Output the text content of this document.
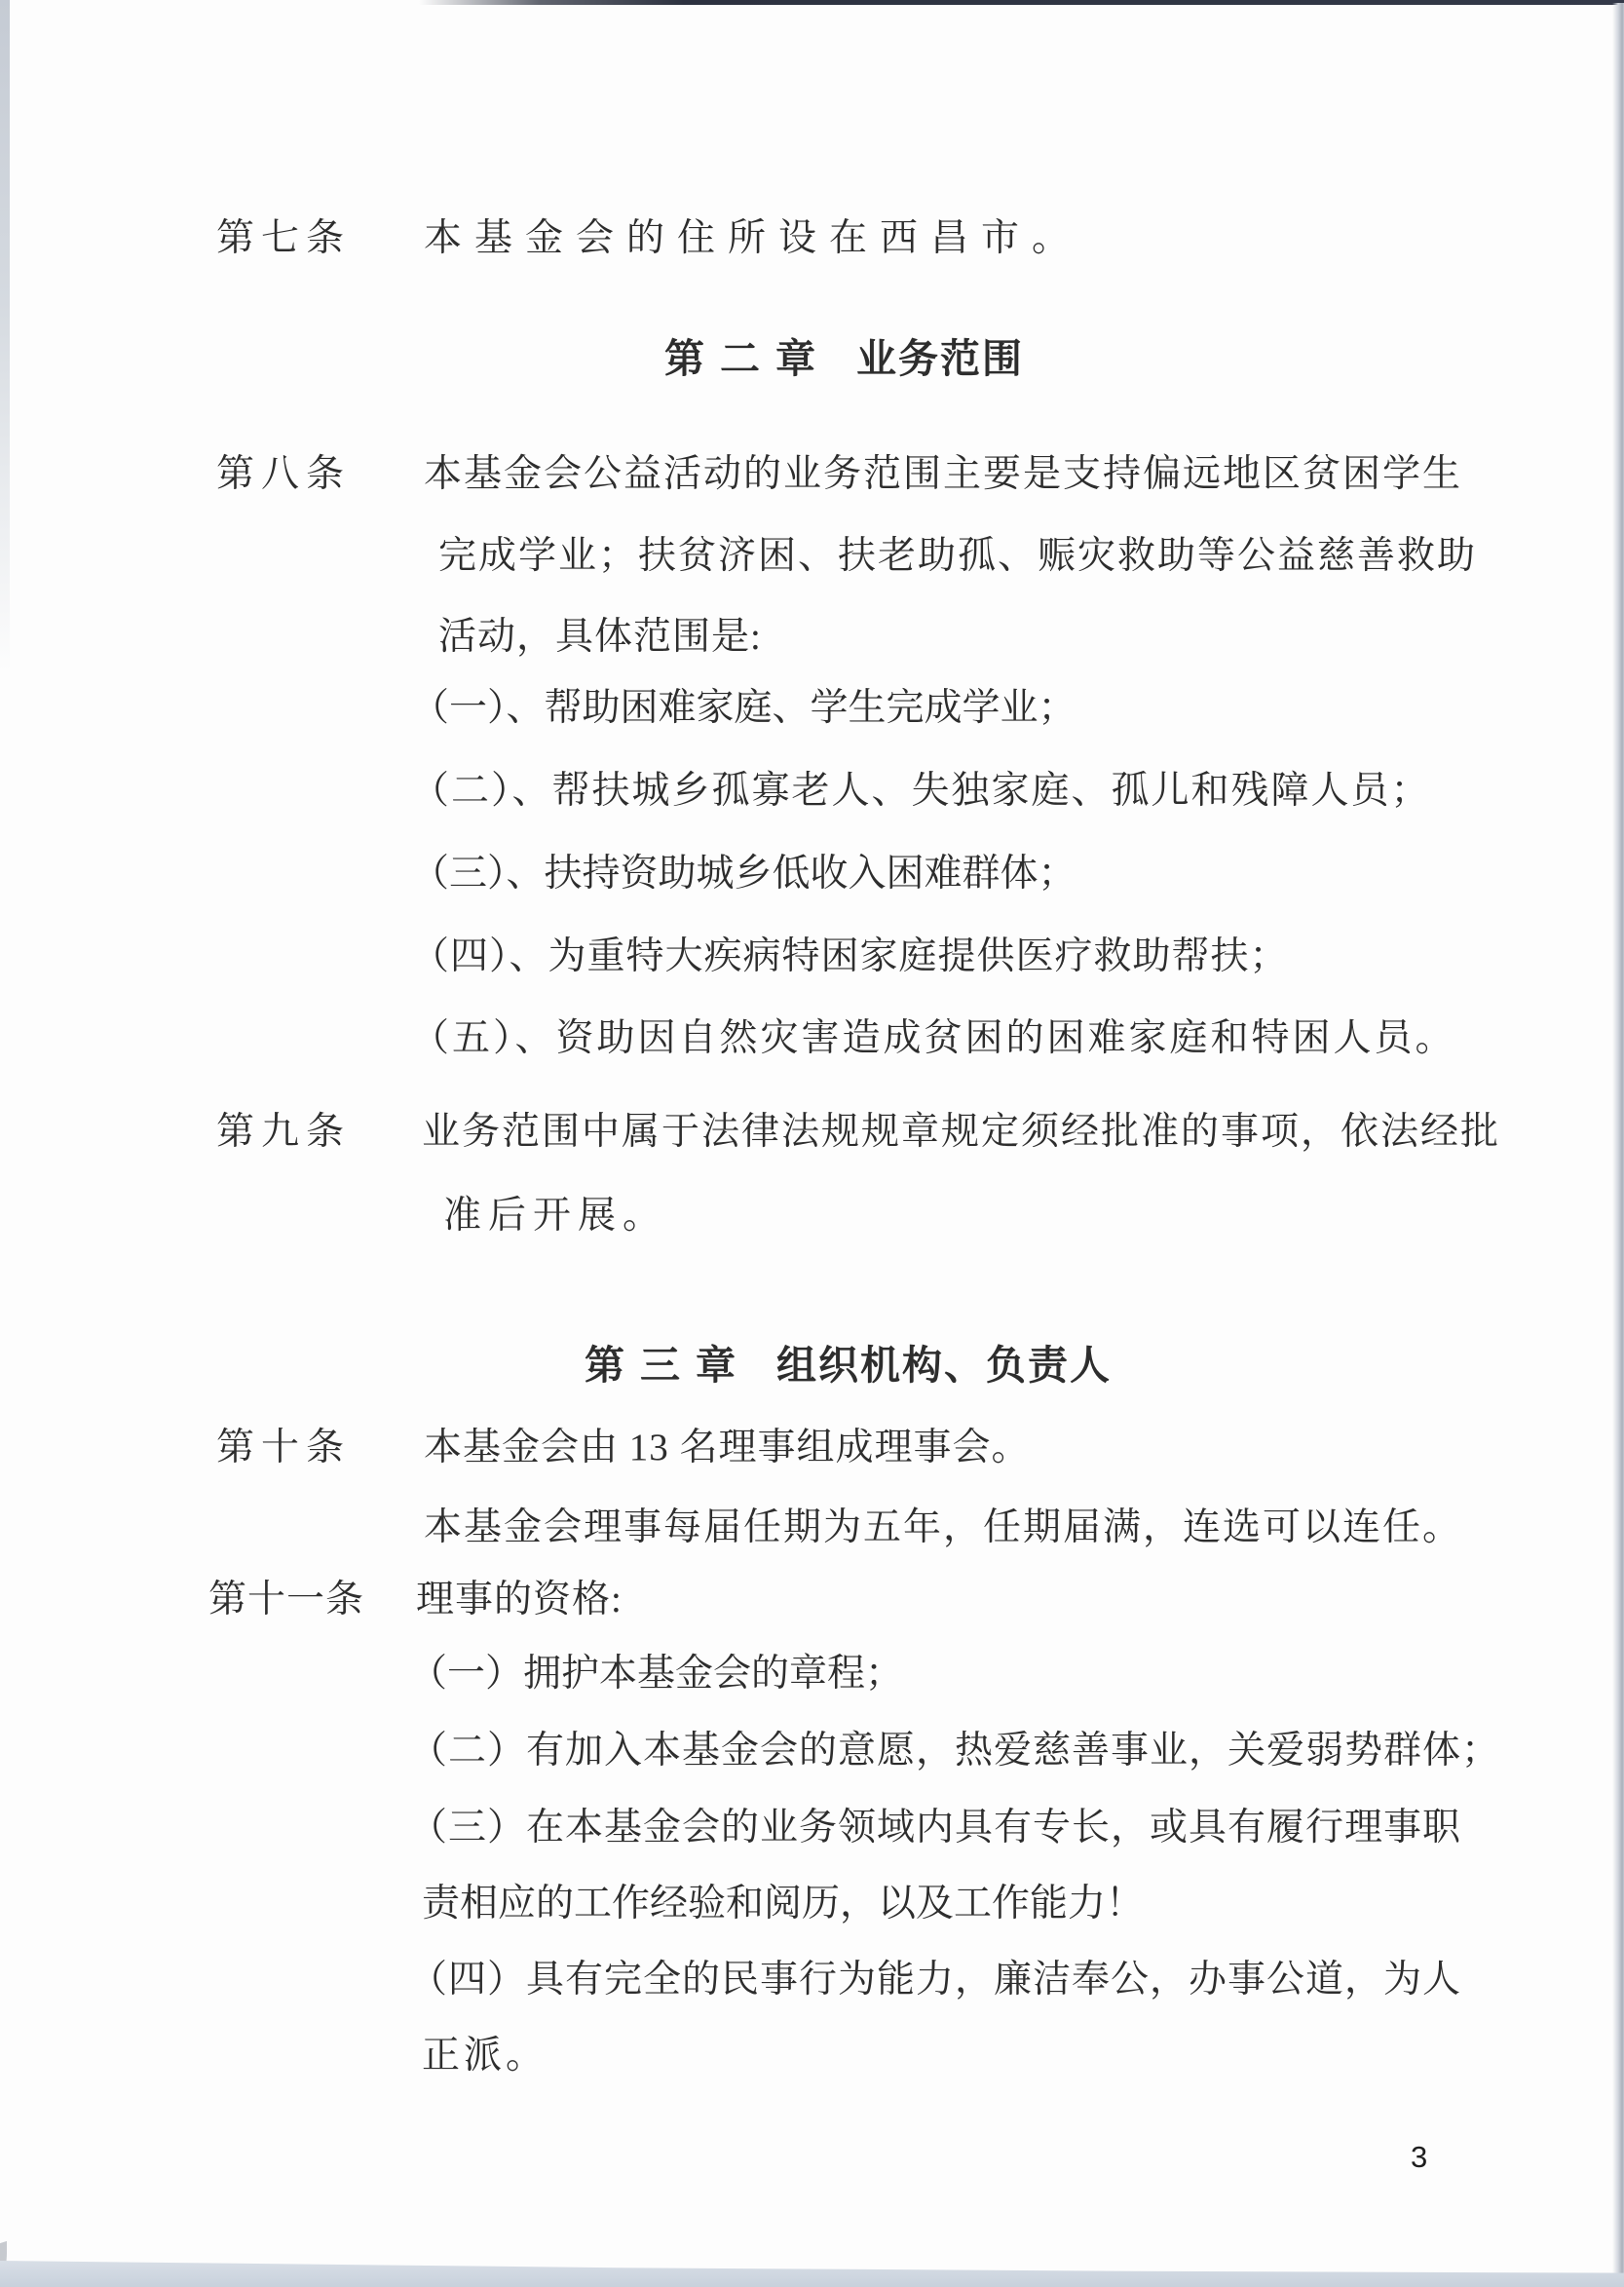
第七条 本基金会的住所设在西昌市。
第二章 业务范围
第八条 本基金会公益活动的业务范围主要是支持偏远地区贫困学生
完成学业；扶贫济困、扶老助孤、赈灾救助等公益慈善救助
活动，具体范围是:
（一）、帮助困难家庭、学生完成学业；
（二）、帮扶城乡孤寡老人、失独家庭、孤儿和残障人员；
（三）、扶持资助城乡低收入困难群体；
（四）、为重特大疾病特困家庭提供医疗救助帮扶；
（五）、资助因自然灾害造成贫困的困难家庭和特困人员。
第九条 业务范围中属于法律法规规章规定须经批准的事项，依法经批
准后开展。
第三章 组织机构、负责人
第十条 本基金会由 13 名理事组成理事会。
本基金会理事每届任期为五年，任期届满，连选可以连任。
第十一条 理事的资格:
（一）拥护本基金会的章程；
（二）有加入本基金会的意愿，热爱慈善事业，关爱弱势群体；
（三）在本基金会的业务领域内具有专长，或具有履行理事职
责相应的工作经验和阅历，以及工作能力！
（四）具有完全的民事行为能力，廉洁奉公，办事公道，为人
正派。
3
